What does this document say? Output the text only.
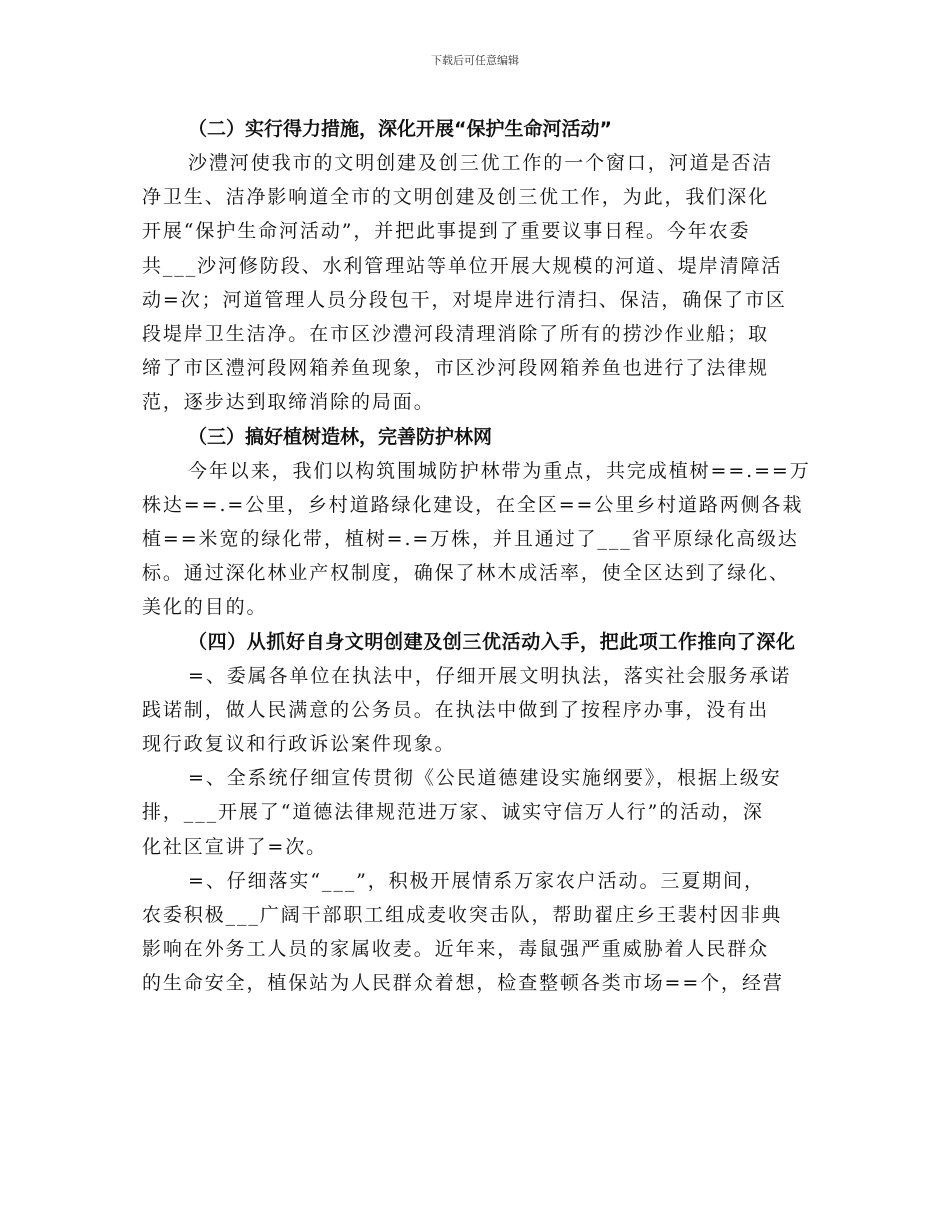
下载后可任意编辑

（二）实行得力措施，深化开展“保护生命河活动”

沙澧河使我市的文明创建及创三优工作的一个窗口，河道是否洁
净卫生、洁净影响道全市的文明创建及创三优工作，为此，我们深化
开展“保护生命河活动”，并把此事提到了重要议事日程。今年农委
共___沙河修防段、水利管理站等单位开展大规模的河道、堤岸清障活
动=次；河道管理人员分段包干，对堤岸进行清扫、保洁，确保了市区
段堤岸卫生洁净。在市区沙澧河段清理消除了所有的捞沙作业船；取
缔了市区澧河段网箱养鱼现象，市区沙河段网箱养鱼也进行了法律规
范，逐步达到取缔消除的局面。

（三）搞好植树造林，完善防护林网

今年以来，我们以构筑围城防护林带为重点，共完成植树==.==万
株达==.=公里，乡村道路绿化建设，在全区==公里乡村道路两侧各栽
植==米宽的绿化带，植树=.=万株，并且通过了___省平原绿化高级达
标。通过深化林业产权制度，确保了林木成活率，使全区达到了绿化、
美化的目的。

（四）从抓好自身文明创建及创三优活动入手，把此项工作推向了深化

=、委属各单位在执法中，仔细开展文明执法，落实社会服务承诺
践诺制，做人民满意的公务员。在执法中做到了按程序办事，没有出
现行政复议和行政诉讼案件现象。
=、全系统仔细宣传贯彻《公民道德建设实施纲要》，根据上级安
排，___开展了“道德法律规范进万家、诚实守信万人行”的活动，深
化社区宣讲了=次。
=、仔细落实“___”，积极开展情系万家农户活动。三夏期间，
农委积极___广阔干部职工组成麦收突击队，帮助翟庄乡王裴村因非典
影响在外务工人员的家属收麦。近年来，毒鼠强严重威胁着人民群众
的生命安全，植保站为人民群众着想，检查整顿各类市场==个，经营
